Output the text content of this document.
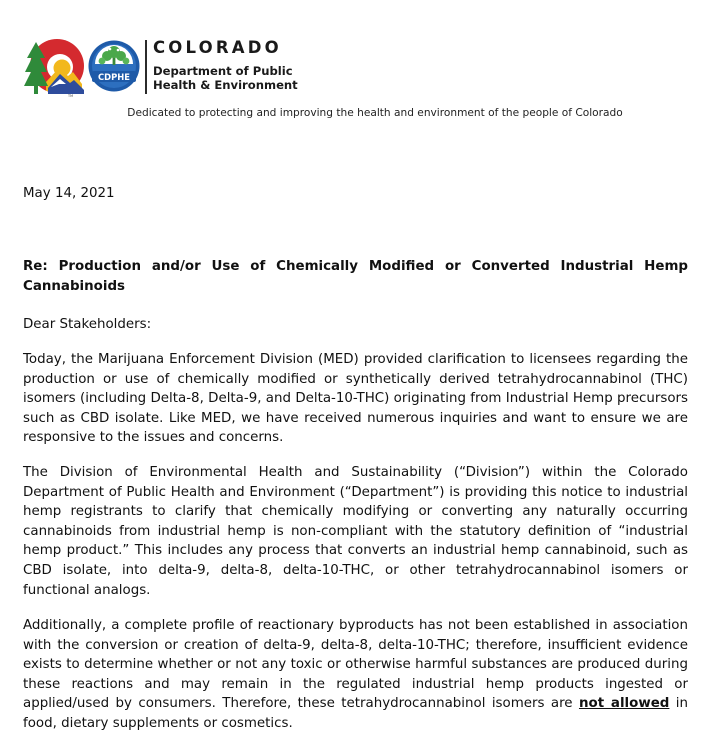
TM
CDPHE
COLORADO
Department of Public
Health & Environment
Dedicated to protecting and improving the health and environment of the people of Colorado
May 14, 2021
Re: Production and/or Use of Chemically Modified or Converted Industrial Hemp Cannabinoids
Dear Stakeholders:
Today, the Marijuana Enforcement Division (MED) provided clarification to licensees regarding the production or use of chemically modified or synthetically derived tetrahydrocannabinol (THC) isomers (including Delta-8, Delta-9, and Delta-10-THC) originating from Industrial Hemp precursors such as CBD isolate. Like MED, we have received numerous inquiries and want to ensure we are responsive to the issues and concerns.
The Division of Environmental Health and Sustainability (“Division”) within the Colorado Department of Public Health and Environment (“Department”) is providing this notice to industrial hemp registrants to clarify that chemically modifying or converting any naturally occurring cannabinoids from industrial hemp is non-compliant with the statutory definition of “industrial hemp product.” This includes any process that converts an industrial hemp cannabinoid, such as CBD isolate, into delta-9, delta-8, delta-10-THC, or other tetrahydrocannabinol isomers or functional analogs.
Additionally, a complete profile of reactionary byproducts has not been established in association with the conversion or creation of delta-9, delta-8, delta-10-THC; therefore, insufficient evidence exists to determine whether or not any toxic or otherwise harmful substances are produced during these reactions and may remain in the regulated industrial hemp products ingested or applied/used by consumers. Therefore, these tetrahydrocannabinol isomers are not allowed in food, dietary supplements or cosmetics.
